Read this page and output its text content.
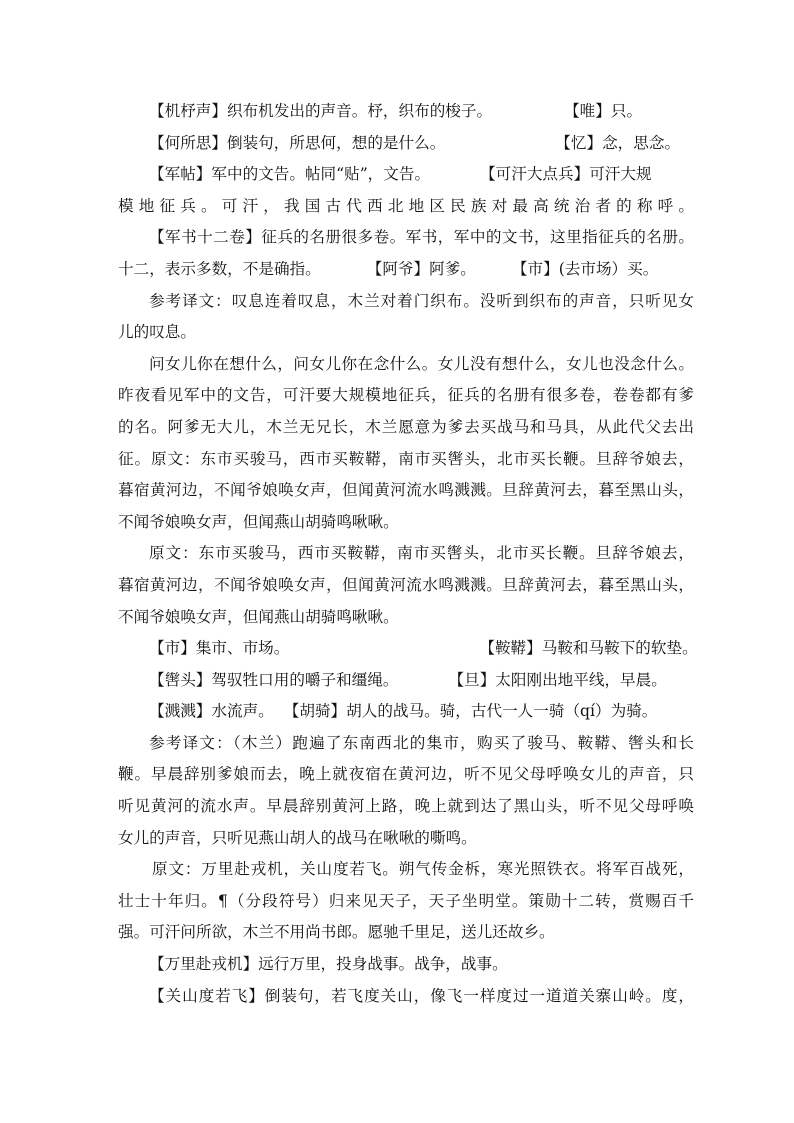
【机杼声】织布机发出的声音。杼，织布的梭子。	【唯】只。
【何所思】倒装句，所思何，想的是什么。	【忆】念，思念。
【军帖】军中的文告。帖同“贴”，文告。	【可汗大点兵】可汗大规
模地征兵。可汗，我国古代西北地区民族对最高统治者的称呼。
【军书十二卷】征兵的名册很多卷。军书，军中的文书，这里指征兵的名册。
十二，表示多数，不是确指。	【阿爷】阿爹。 【市】(去市场）买。
参考译文：叹息连着叹息，木兰对着门织布。没听到织布的声音，只听见女
儿的叹息。
问女儿你在想什么，问女儿你在念什么。女儿没有想什么，女儿也没念什么。
昨夜看见军中的文告，可汗要大规模地征兵，征兵的名册有很多卷，卷卷都有爹
的名。阿爹无大儿，木兰无兄长，木兰愿意为爹去买战马和马具，从此代父去出
征。原文：东市买骏马，西市买鞍鞯，南市买辔头，北市买长鞭。旦辞爷娘去，
暮宿黄河边，不闻爷娘唤女声，但闻黄河流水鸣溅溅。旦辞黄河去，暮至黑山头，
不闻爷娘唤女声，但闻燕山胡骑鸣啾啾。
原文：东市买骏马，西市买鞍鞯，南市买辔头，北市买长鞭。旦辞爷娘去，
暮宿黄河边，不闻爷娘唤女声，但闻黄河流水鸣溅溅。旦辞黄河去，暮至黑山头，
不闻爷娘唤女声，但闻燕山胡骑鸣啾啾。
【市】集市、市场。	【鞍鞯】马鞍和马鞍下的软垫。
【辔头】驾驭牲口用的嚼子和缰绳。	【旦】太阳刚出地平线，早晨。
【溅溅】水流声。 【胡骑】胡人的战马。骑，古代一人一骑（qí）为骑。
参考译文：（木兰）跑遍了东南西北的集市，购买了骏马、鞍鞯、辔头和长
鞭。早晨辞别爹娘而去，晚上就夜宿在黄河边，听不见父母呼唤女儿的声音，只
听见黄河的流水声。早晨辞别黄河上路，晚上就到达了黑山头，听不见父母呼唤
女儿的声音，只听见燕山胡人的战马在啾啾的嘶鸣。
原文：万里赴戎机，关山度若飞。朔气传金柝，寒光照铁衣。将军百战死，
壮士十年归。¶（分段符号）归来见天子，天子坐明堂。策勋十二转，赏赐百千
强。可汗问所欲，木兰不用尚书郎。愿驰千里足，送儿还故乡。
【万里赴戎机】远行万里，投身战事。战争，战事。
【关山度若飞】倒装句，若飞度关山，像飞一样度过一道道关寨山岭。度，
